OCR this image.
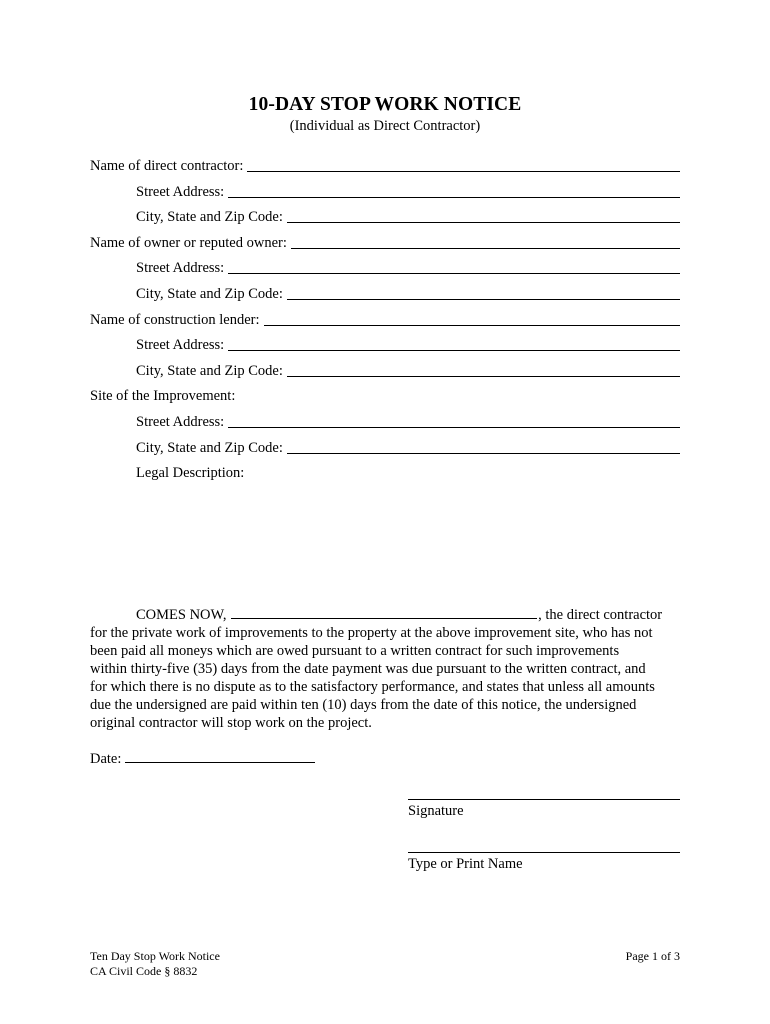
10-DAY STOP WORK NOTICE
(Individual as Direct Contractor)
Name of direct contractor:
Street Address:
City, State and Zip Code:
Name of owner or reputed owner:
Street Address:
City, State and Zip Code:
Name of construction lender:
Street Address:
City, State and Zip Code:
Site of the Improvement:
Street Address:
City, State and Zip Code:
Legal Description:
COMES NOW,	, the direct contractor
for the private work of improvements to the property at the above improvement site, who has not
been paid all moneys which are owed pursuant to a written contract for such improvements
within thirty-five (35) days from the date payment was due pursuant to the written contract, and
for which there is no dispute as to the satisfactory performance, and states that unless all amounts
due the undersigned are paid within ten (10) days from the date of this notice, the undersigned
original contractor will stop work on the project.
Date:
Signature
Type or Print Name
Ten Day Stop Work Notice
CA Civil Code § 8832
Page 1 of 3
